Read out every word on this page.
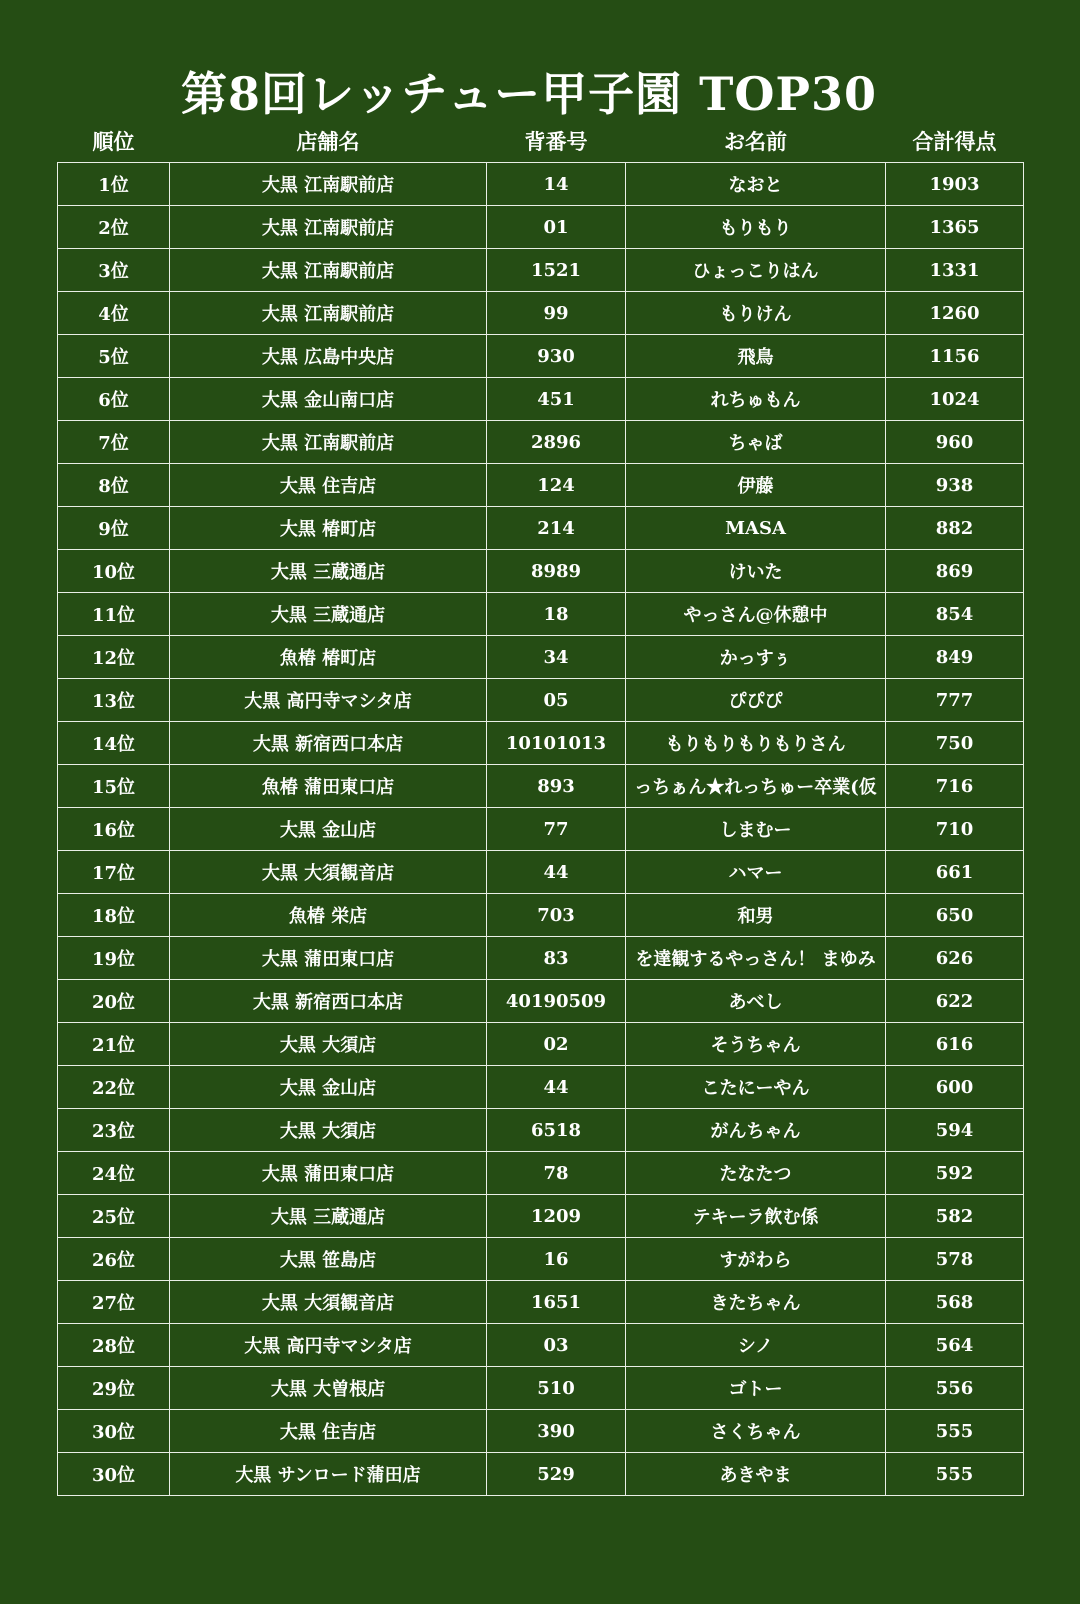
第8回レッチュー甲子園 TOP30
順位	店舗名	背番号	お名前	合計得点
1位	大黒 江南駅前店	14	なおと	1903
2位	大黒 江南駅前店	01	もりもり	1365
3位	大黒 江南駅前店	1521	ひょっこりはん	1331
4位	大黒 江南駅前店	99	もりけん	1260
5位	大黒 広島中央店	930	飛鳥	1156
6位	大黒 金山南口店	451	れちゅもん	1024
7位	大黒 江南駅前店	2896	ちゃば	960
8位	大黒 住吉店	124	伊藤	938
9位	大黒 椿町店	214	MASA	882
10位	大黒 三蔵通店	8989	けいた	869
11位	大黒 三蔵通店	18	やっさん@休憩中	854
12位	魚椿 椿町店	34	かっすぅ	849
13位	大黒 高円寺マシタ店	05	ぴぴぴ	777
14位	大黒 新宿西口本店	10101013	もりもりもりもりさん	750
15位	魚椿 蒲田東口店	893	っちぁん★れっちゅー卒業(仮	716
16位	大黒 金山店	77	しまむー	710
17位	大黒 大須観音店	44	ハマー	661
18位	魚椿 栄店	703	和男	650
19位	大黒 蒲田東口店	83	を達観するやっさん！ まゆみ	626
20位	大黒 新宿西口本店	40190509	あべし	622
21位	大黒 大須店	02	そうちゃん	616
22位	大黒 金山店	44	こたにーやん	600
23位	大黒 大須店	6518	がんちゃん	594
24位	大黒 蒲田東口店	78	たなたつ	592
25位	大黒 三蔵通店	1209	テキーラ飲む係	582
26位	大黒 笹島店	16	すがわら	578
27位	大黒 大須観音店	1651	きたちゃん	568
28位	大黒 高円寺マシタ店	03	シノ	564
29位	大黒 大曽根店	510	ゴトー	556
30位	大黒 住吉店	390	さくちゃん	555
30位	大黒 サンロード蒲田店	529	あきやま	555
